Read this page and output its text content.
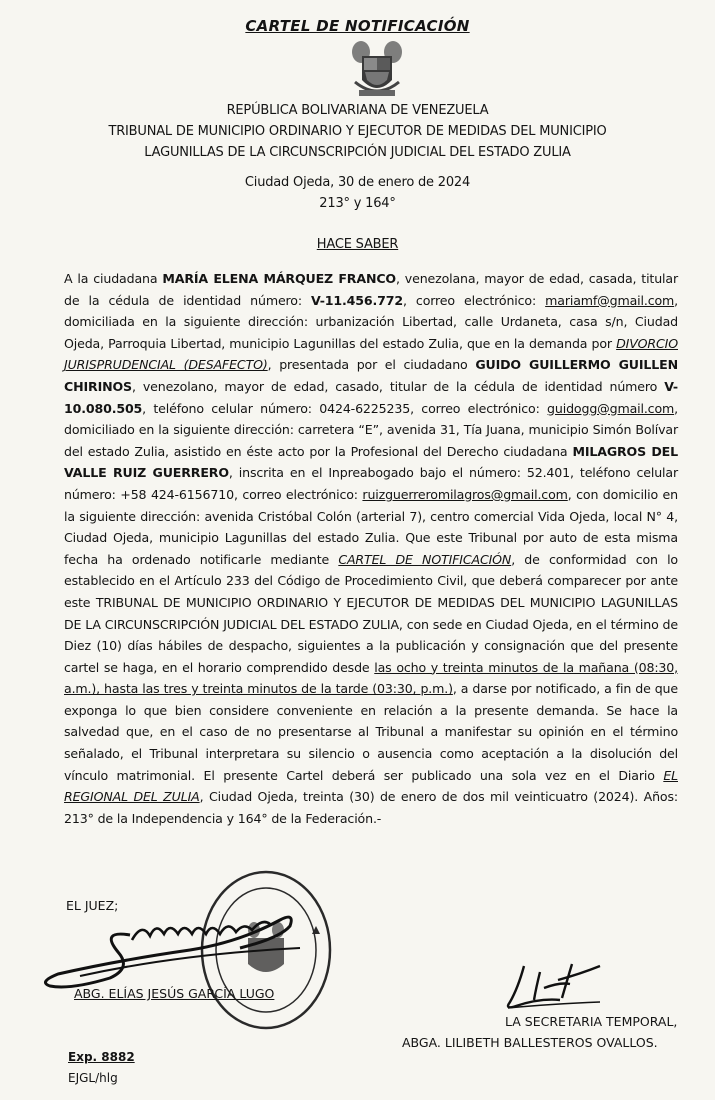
CARTEL DE NOTIFICACIÓN
REPÚBLICA BOLIVARIANA DE VENEZUELA
TRIBUNAL DE MUNICIPIO ORDINARIO Y EJECUTOR DE MEDIDAS DEL MUNICIPIO
LAGUNILLAS DE LA CIRCUNSCRIPCIÓN JUDICIAL DEL ESTADO ZULIA
Ciudad Ojeda, 30 de enero de 2024
213° y 164°
HACE SABER

A la ciudadana MARÍA ELENA MÁRQUEZ FRANCO, venezolana, mayor de edad, casada, titular de la cédula de identidad número: V-11.456.772, correo electrónico: mariamf@gmail.com, domiciliada en la siguiente dirección: urbanización Libertad, calle Urdaneta, casa s/n, Ciudad Ojeda, Parroquia Libertad, municipio Lagunillas del estado Zulia, que en la demanda por DIVORCIO JURISPRUDENCIAL (DESAFECTO), presentada por el ciudadano GUIDO GUILLERMO GUILLEN CHIRINOS, venezolano, mayor de edad, casado, titular de la cédula de identidad número V-10.080.505, teléfono celular número: 0424-6225235, correo electrónico: guidogg@gmail.com, domiciliado en la siguiente dirección: carretera “E”, avenida 31, Tía Juana, municipio Simón Bolívar del estado Zulia, asistido en éste acto por la Profesional del Derecho ciudadana MILAGROS DEL VALLE RUIZ GUERRERO, inscrita en el Inpreabogado bajo el número: 52.401, teléfono celular número: +58 424-6156710, correo electrónico: ruizguerreromilagros@gmail.com, con domicilio en la siguiente dirección: avenida Cristóbal Colón (arterial 7), centro comercial Vida Ojeda, local N° 4, Ciudad Ojeda, municipio Lagunillas del estado Zulia. Que este Tribunal por auto de esta misma fecha ha ordenado notificarle mediante CARTEL DE NOTIFICACIÓN, de conformidad con lo establecido en el Artículo 233 del Código de Procedimiento Civil, que deberá comparecer por ante este TRIBUNAL DE MUNICIPIO ORDINARIO Y EJECUTOR DE MEDIDAS DEL MUNICIPIO LAGUNILLAS DE LA CIRCUNSCRIPCIÓN JUDICIAL DEL ESTADO ZULIA, con sede en Ciudad Ojeda, en el término de Diez (10) días hábiles de despacho, siguientes a la publicación y consignación que del presente cartel se haga, en el horario comprendido desde las ocho y treinta minutos de la mañana (08:30, a.m.), hasta las tres y treinta minutos de la tarde (03:30, p.m.), a darse por notificado, a fin de que exponga lo que bien considere conveniente en relación a la presente demanda. Se hace la salvedad que, en el caso de no presentarse al Tribunal a manifestar su opinión en el término señalado, el Tribunal interpretara su silencio o ausencia como aceptación a la disolución del vínculo matrimonial. El presente Cartel deberá ser publicado una sola vez en el Diario EL REGIONAL DEL ZULIA, Ciudad Ojeda, treinta (30) de enero de dos mil veinticuatro (2024). Años: 213° de la Independencia y 164° de la Federación.-

EL JUEZ;
ABG. ELÍAS JESÚS GARCÍA LUGO
LA SECRETARIA TEMPORAL,
ABGA. LILIBETH BALLESTEROS OVALLOS.
Exp. 8882
EJGL/hlg
